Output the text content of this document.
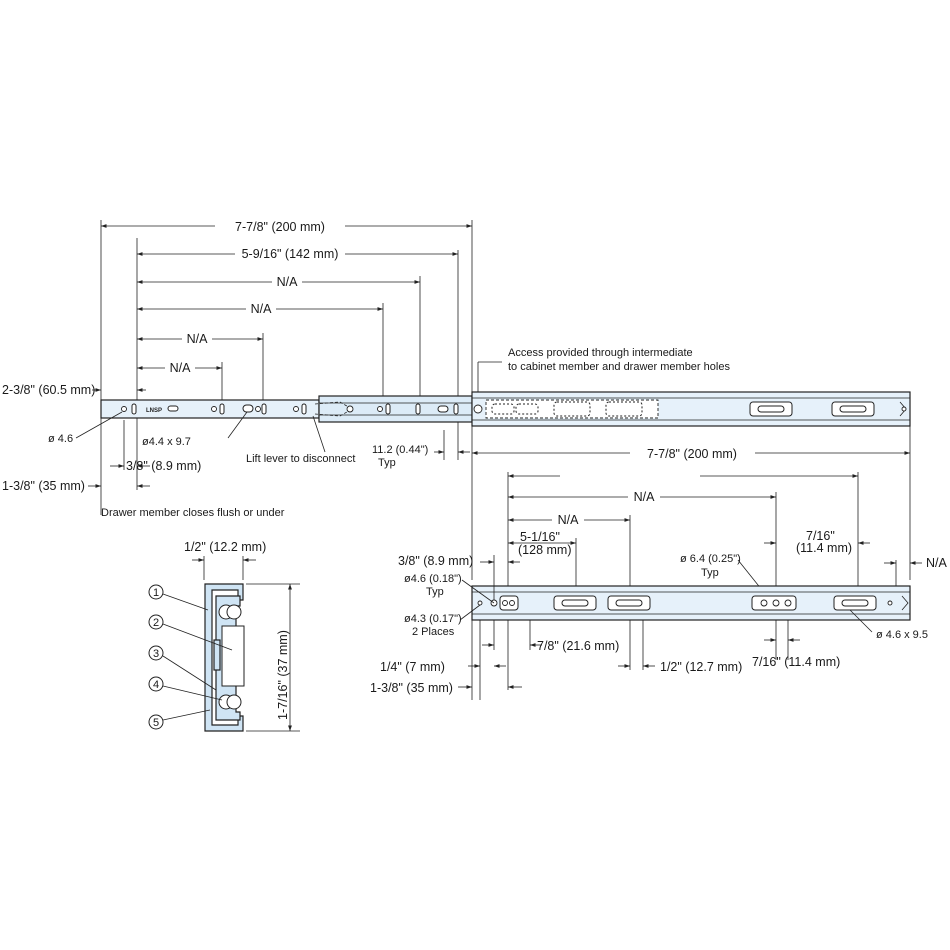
7-7/8" (200 mm)
5-9/16" (142 mm)
N/A
N/A
N/A
N/A
2-3/8" (60.5 mm)
LNSP
Access provided through intermediate
to cabinet member and drawer member holes
ø 4.6	ø4.4 x 9.7
Lift lever to disconnect
3/8" (8.9 mm)
1-3/8" (35 mm)
Drawer member closes flush or under
11.2 (0.44")
Typ
7-7/8" (200 mm)
N/A
N/A
5-1/16"
(128 mm)
7/16"
(11.4 mm)
N/A
ø 6.4 (0.25")
Typ
3/8" (8.9 mm)
ø4.6 (0.18")
Typ
ø4.3 (0.17")
2 Places
7/8" (21.6 mm)
1/2" (12.7 mm) 7/16" (11.4 mm)
ø 4.6 x 9.5
1/4" (7 mm)
1-3/8" (35 mm)
1/2" (12.2 mm)
1-7/16" (37 mm)
1
2
3
4
5
